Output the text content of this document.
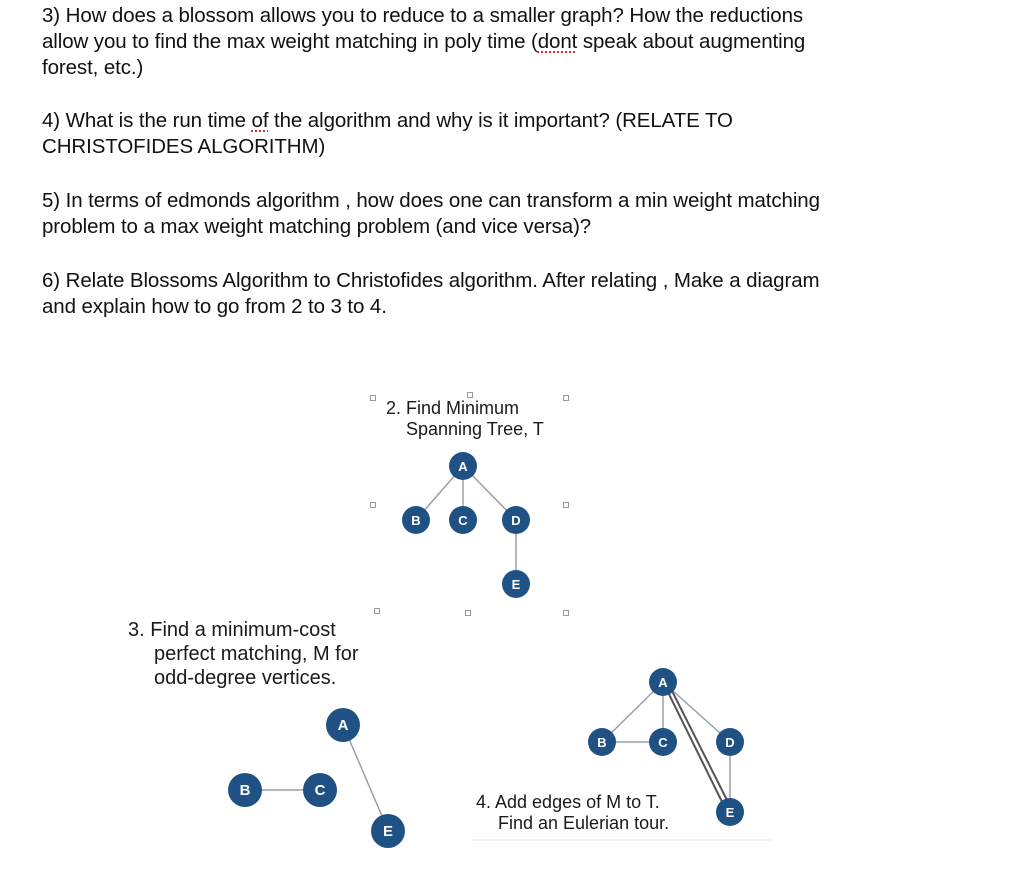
3) How does a blossom allows you to reduce to a smaller graph? How the reductions

allow you to find the max weight matching in poly time (dont speak about augmenting

forest, etc.)

4) What is the run time of the algorithm and why is it important? (RELATE TO

CHRISTOFIDES ALGORITHM)

5) In terms of edmonds algorithm , how does one can transform a min weight matching

problem to a max weight matching problem (and vice versa)?

6) Relate Blossoms Algorithm to Christofides algorithm. After relating , Make a diagram

and explain how to go from 2 to 3 to 4.

2. Find Minimum
Spanning Tree, T
A
B	C	D
E
3. Find a minimum-cost
perfect matching, M for
odd-degree vertices.
A
B	C
E
4. Add edges of M to T.
Find an Eulerian tour.
A
B	C	D
E
